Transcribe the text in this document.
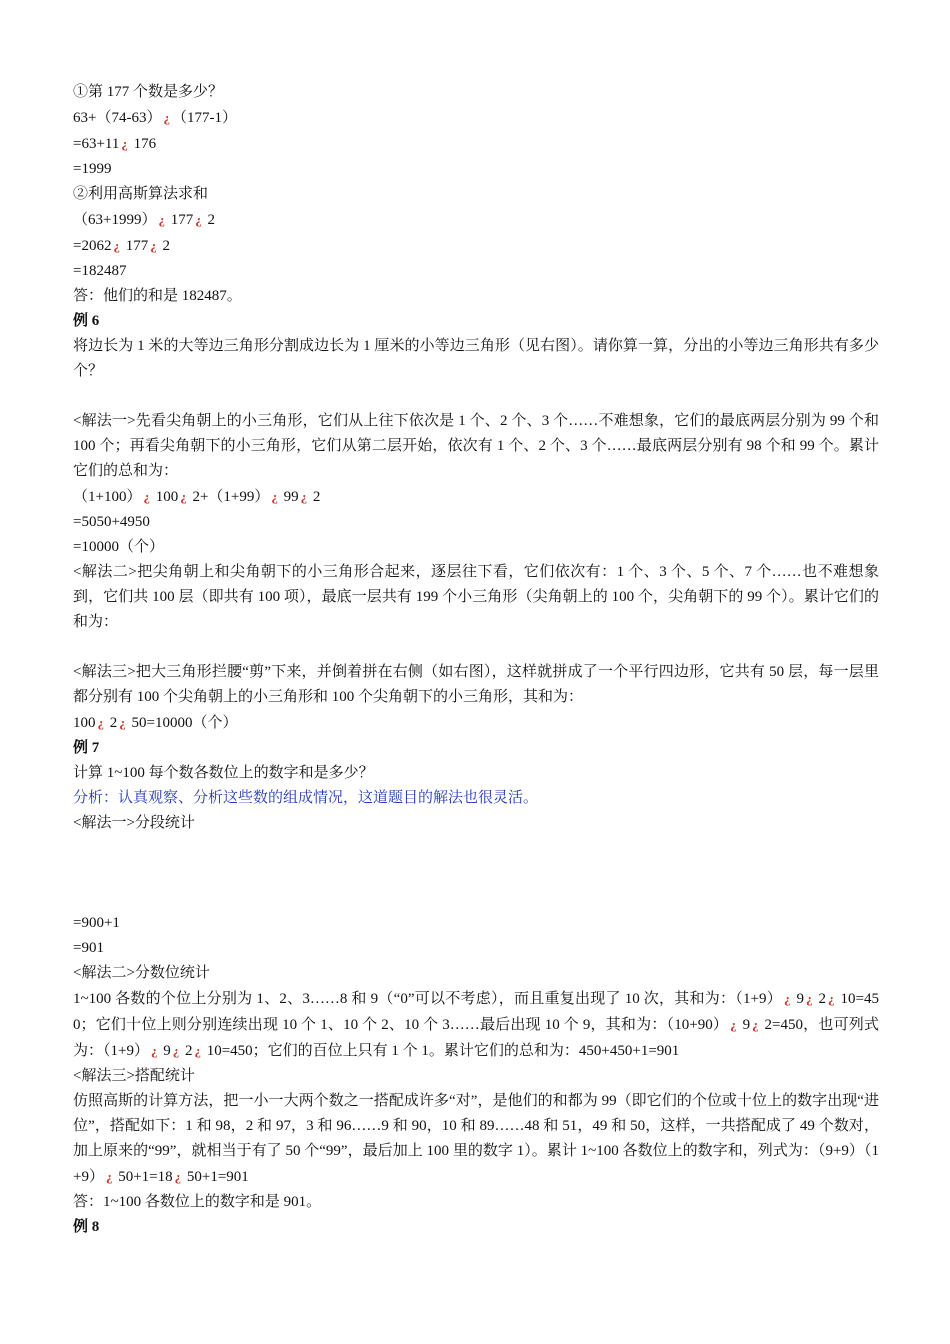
①第 177 个数是多少？
63+（74-63） ¿ （177-1）
=63+11 ¿ 176
=1999
②利用高斯算法求和
（63+1999） ¿ 177 ¿ 2
=2062 ¿ 177 ¿ 2
=182487
答：他们的和是 182487。
例 6
将边长为 1 米的大等边三角形分割成边长为 1 厘米的小等边三角形（见右图）。请你算一算，分出的小等边三角形共有多少个？
<解法一>先看尖角朝上的小三角形，它们从上往下依次是 1 个、2 个、3 个……不难想象，它们的最底两层分别为 99 个和 100 个；再看尖角朝下的小三角形，它们从第二层开始，依次有 1 个、2 个、3 个……最底两层分别有 98 个和 99 个。累计它们的总和为：
（1+100） ¿ 100 ¿ 2+（1+99） ¿ 99 ¿ 2
=5050+4950
=10000（个）
<解法二>把尖角朝上和尖角朝下的小三角形合起来，逐层往下看，它们依次有：1 个、3 个、5 个、7 个……也不难想象到，它们共 100 层（即共有 100 项），最底一层共有 199 个小三角形（尖角朝上的 100 个，尖角朝下的 99 个）。累计它们的和为：
<解法三>把大三角形拦腰“剪”下来，并倒着拼在右侧（如右图），这样就拼成了一个平行四边形，它共有 50 层，每一层里都分别有 100 个尖角朝上的小三角形和 100 个尖角朝下的小三角形，其和为：
100 ¿ 2 ¿ 50=10000（个）
例 7
计算 1~100 每个数各数位上的数字和是多少？
分析：认真观察、分析这些数的组成情况，这道题目的解法也很灵活。
<解法一>分段统计
=900+1
=901
<解法二>分数位统计
1~100 各数的个位上分别为 1、2、3……8 和 9（“0”可以不考虑），而且重复出现了 10 次，其和为：（1+9） ¿ 9 ¿ 2 ¿ 10=450；它们十位上则分别连续出现 10 个 1、10 个 2、10 个 3……最后出现 10 个 9，其和为：（10+90） ¿ 9 ¿ 2=450，也可列式为：（1+9） ¿ 9 ¿ 2 ¿ 10=450；它们的百位上只有 1 个 1。累计它们的总和为：450+450+1=901
<解法三>搭配统计
仿照高斯的计算方法，把一小一大两个数之一搭配成许多“对”，是他们的和都为 99（即它们的个位或十位上的数字出现“进位”，搭配如下：1 和 98，2 和 97，3 和 96……9 和 90，10 和 89……48 和 51，49 和 50，这样，一共搭配成了 49 个数对，加上原来的“99”，就相当于有了 50 个“99”，最后加上 100 里的数字 1）。累计 1~100 各数位上的数字和，列式为：（9+9）（1+9） ¿ 50+1=18 ¿ 50+1=901
答：1~100 各数位上的数字和是 901。
例 8
